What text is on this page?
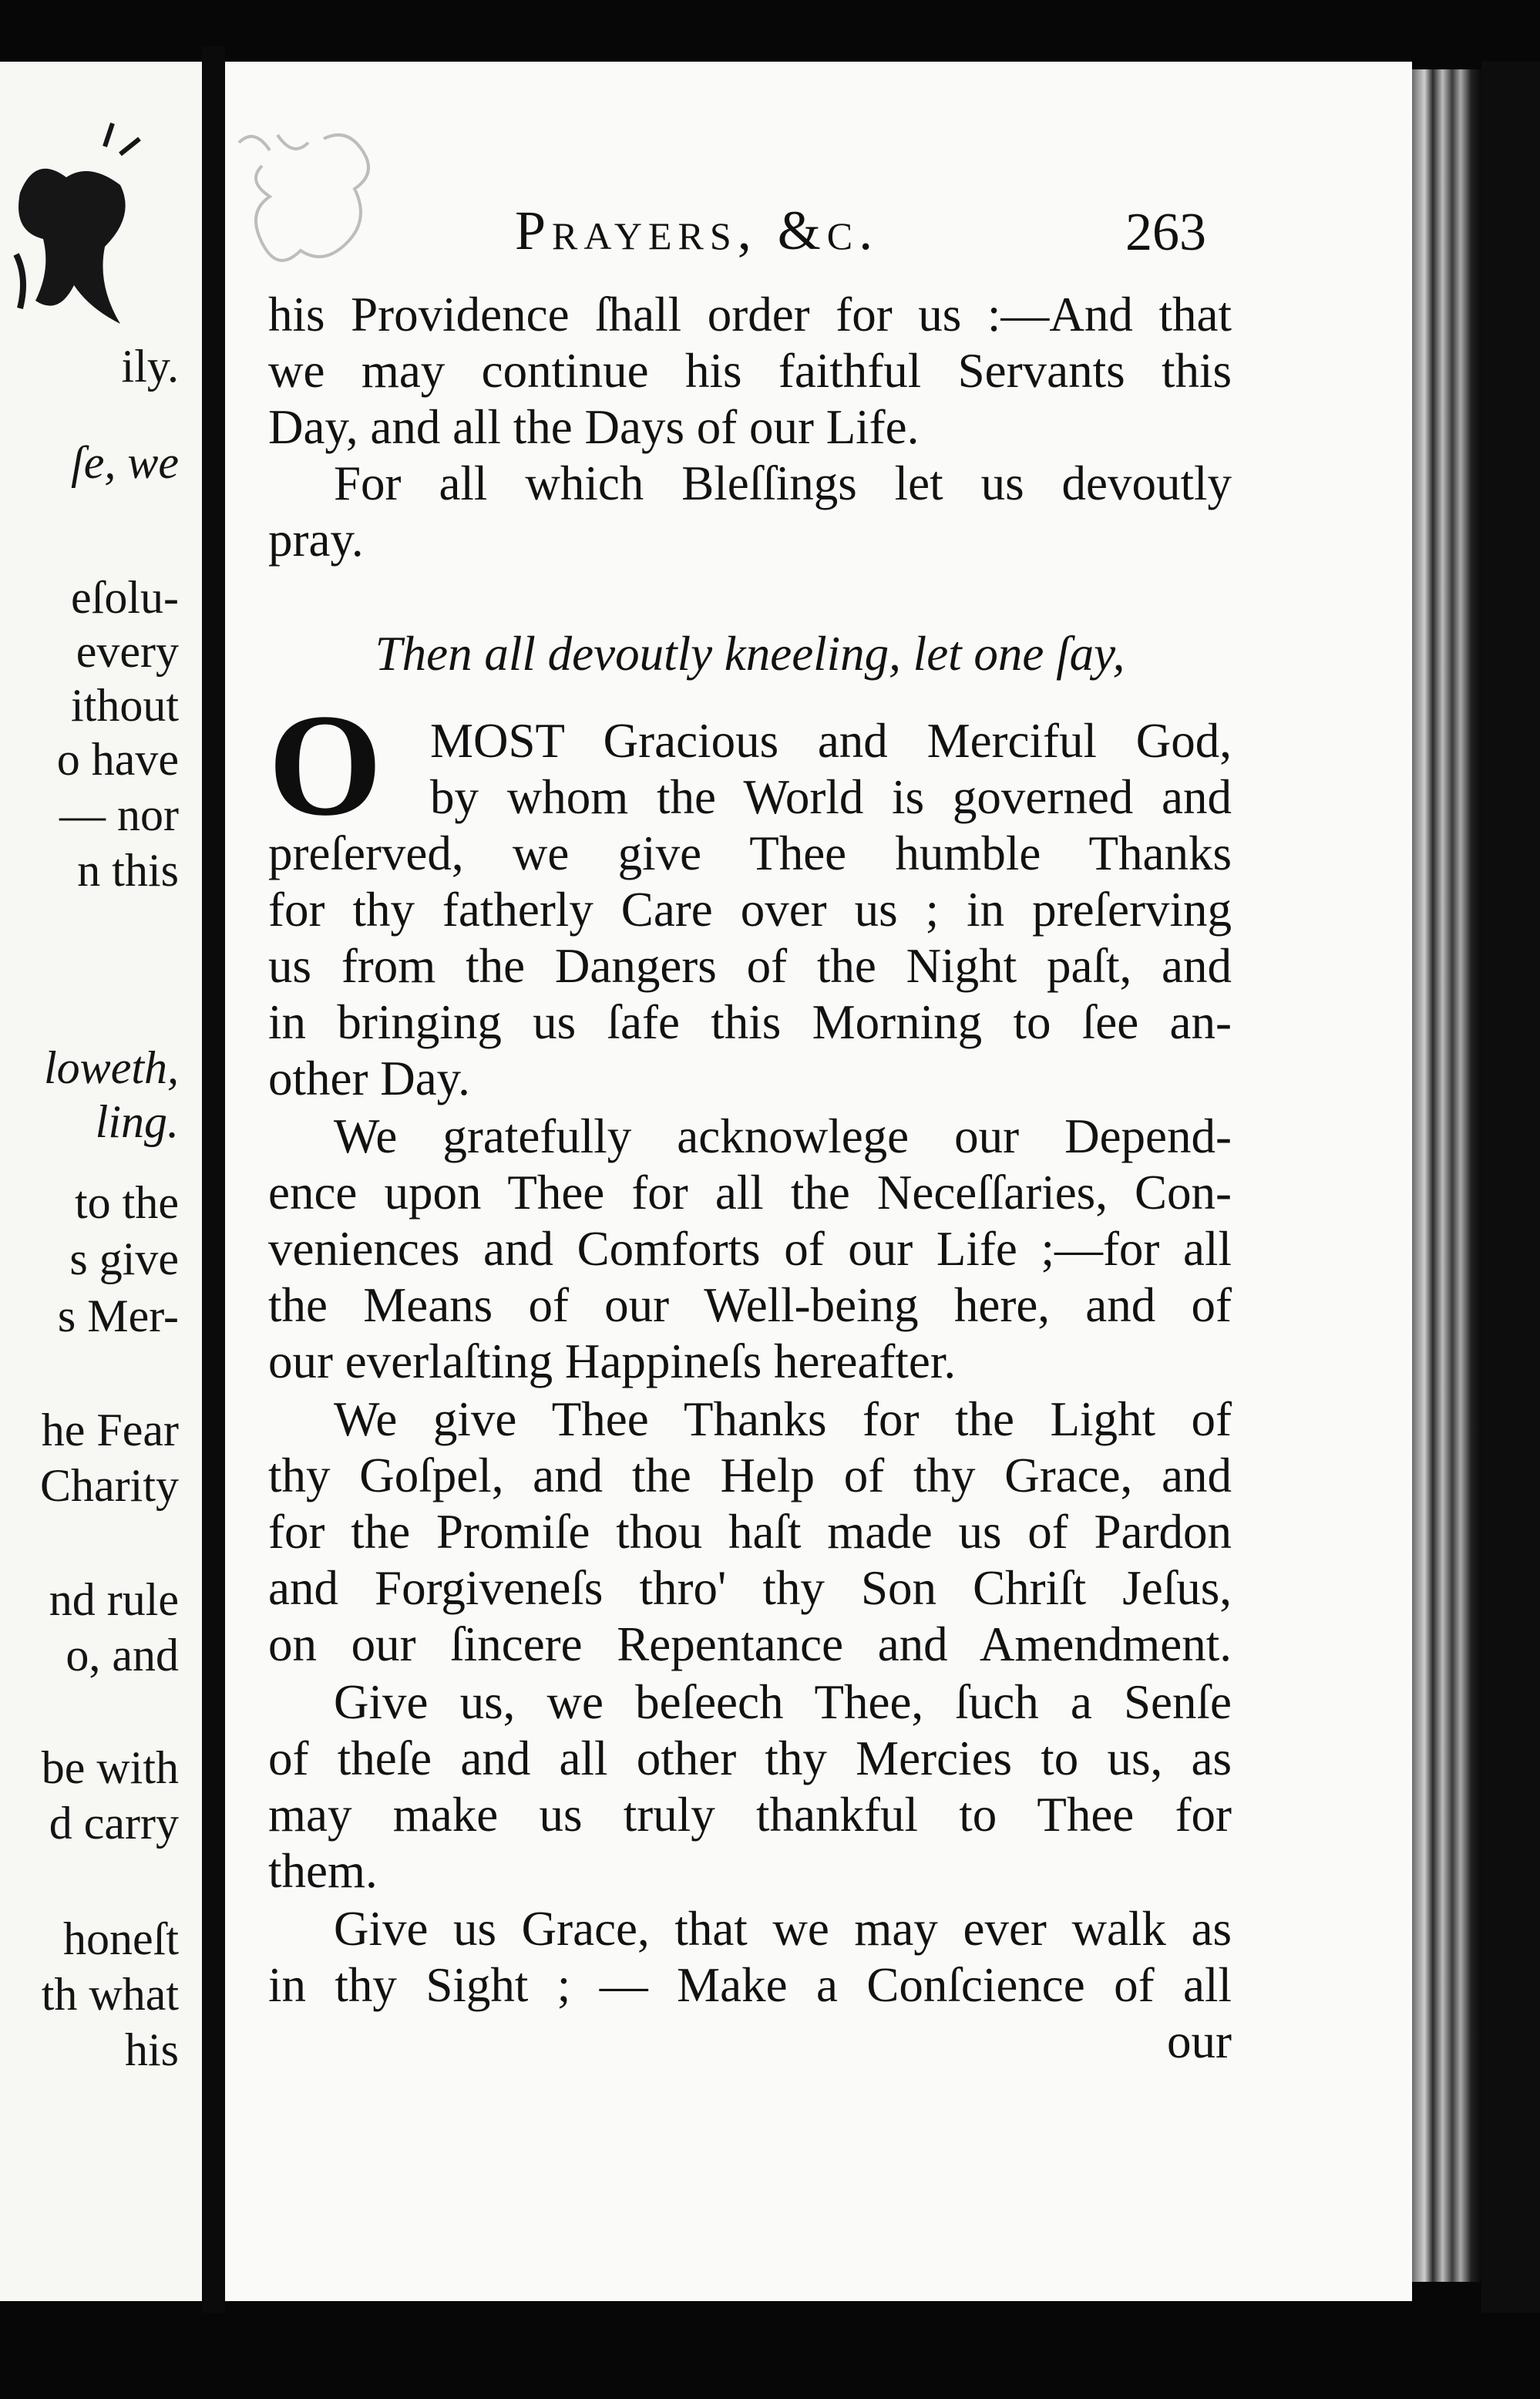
ily.
ſe, we
eſolu-
every
ithout
o have
— nor
n this
loweth,
ling.
to the
s give
s Mer-
he Fear
Charity
nd rule
o, and
be with
d carry
honeſt
th what
his
Prayers, &c.	263
his Providence ſhall order for us :—And that
we may continue his faithful Servants this
Day, and all the Days of our Life.
For all which Bleſſings let us devoutly
pray.
Then all devoutly kneeling, let one ſay,
O MOST Gracious and Merciful God,
by whom the World is governed and
preſerved, we give Thee humble Thanks
for thy fatherly Care over us ; in preſerving
us from the Dangers of the Night paſt, and
in bringing us ſafe this Morning to ſee an-
other Day.
We gratefully acknowlege our Depend-
ence upon Thee for all the Neceſſaries, Con-
veniences and Comforts of our Life ;—for all
the Means of our Well-being here, and of
our everlaſting Happineſs hereafter.
We give Thee Thanks for the Light of
thy Goſpel, and the Help of thy Grace, and
for the Promiſe thou haſt made us of Pardon
and Forgiveneſs thro' thy Son Chriſt Jeſus,
on our ſincere Repentance and Amendment.
Give us, we beſeech Thee, ſuch a Senſe
of theſe and all other thy Mercies to us, as
may make us truly thankful to Thee for
them.
Give us Grace, that we may ever walk as
in thy Sight ; — Make a Conſcience of all
our
